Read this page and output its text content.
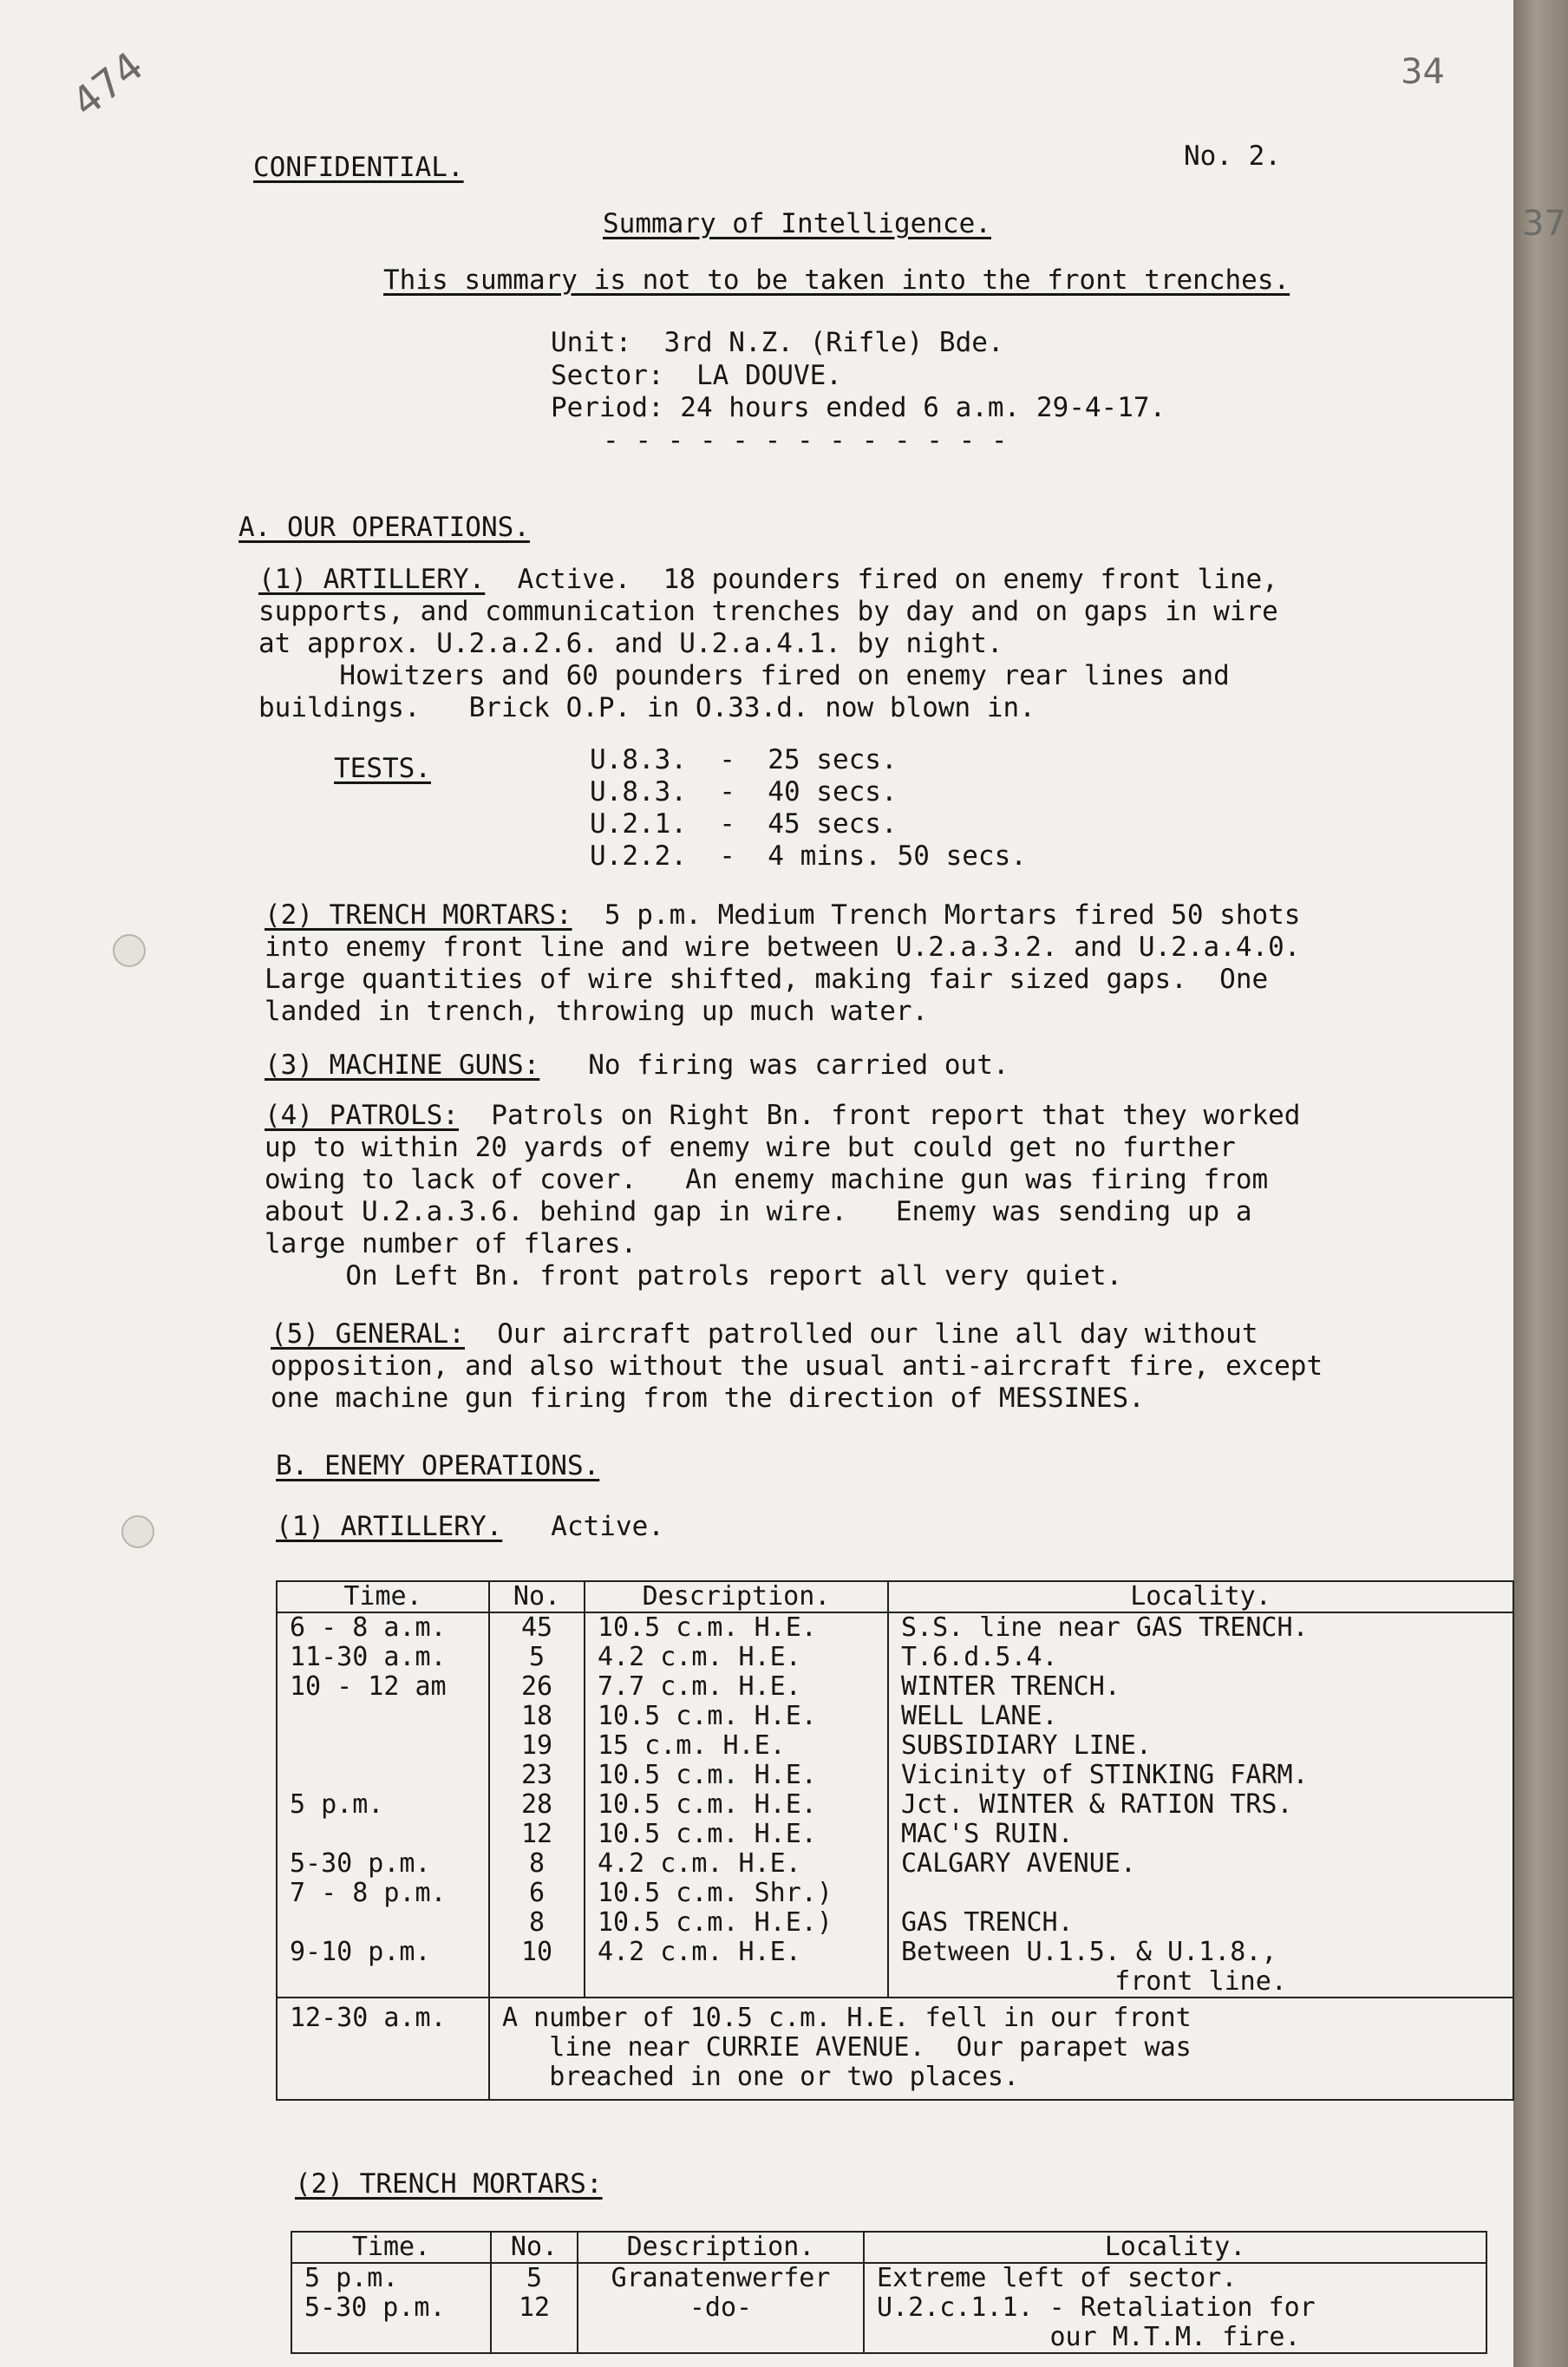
474	34
37
CONFIDENTIAL.	No. 2.
Summary of Intelligence.
This summary is not to be taken into the front trenches.
Unit:  3rd N.Z. (Rifle) Bde.
Sector:  LA DOUVE.
Period: 24 hours ended 6 a.m. 29-4-17.
- - - - - - - - - - - - -
A. OUR OPERATIONS.
(1) ARTILLERY.  Active.  18 pounders fired on enemy front line,
supports, and communication trenches by day and on gaps in wire
at approx. U.2.a.2.6. and U.2.a.4.1. by night.
Howitzers and 60 pounders fired on enemy rear lines and
buildings.   Brick O.P. in O.33.d. now blown in.
TESTS.	U.8.3.  -  25 secs.
U.8.3.  -  40 secs.
U.2.1.  -  45 secs.
U.2.2.  -  4 mins. 50 secs.
(2) TRENCH MORTARS:  5 p.m. Medium Trench Mortars fired 50 shots
into enemy front line and wire between U.2.a.3.2. and U.2.a.4.0.
Large quantities of wire shifted, making fair sized gaps.  One
landed in trench, throwing up much water.
(3) MACHINE GUNS:   No firing was carried out.
(4) PATROLS:  Patrols on Right Bn. front report that they worked
up to within 20 yards of enemy wire but could get no further
owing to lack of cover.   An enemy machine gun was firing from
about U.2.a.3.6. behind gap in wire.   Enemy was sending up a
large number of flares.
On Left Bn. front patrols report all very quiet.
(5) GENERAL:  Our aircraft patrolled our line all day without
opposition, and also without the usual anti-aircraft fire, except
one machine gun firing from the direction of MESSINES.
B. ENEMY OPERATIONS.
(1) ARTILLERY.   Active.
Time.	No.	Description.	Locality.
6 - 8 a.m.	45	10.5 c.m. H.E.	S.S. line near GAS TRENCH.
11-30 a.m.	5	4.2 c.m. H.E.	T.6.d.5.4.
10 - 12 am	26	7.7 c.m. H.E.	WINTER TRENCH.
	18	10.5 c.m. H.E.	WELL LANE.
	19	15 c.m. H.E.	SUBSIDIARY LINE.
	23	10.5 c.m. H.E.	Vicinity of STINKING FARM.
5 p.m.	28	10.5 c.m. H.E.	Jct. WINTER & RATION TRS.
	12	10.5 c.m. H.E.	MAC'S RUIN.
5-30 p.m.	8	4.2 c.m. H.E.	CALGARY AVENUE.
7 - 8 p.m.	6	10.5 c.m. Shr.)	
	8	10.5 c.m. H.E.)	GAS TRENCH.
9-10 p.m.	10	4.2 c.m. H.E.	Between U.1.5. & U.1.8.,
			front line.
12-30 a.m.	A number of 10.5 c.m. H.E. fell in our front
line near CURRIE AVENUE.  Our parapet was
breached in one or two places.		
(2) TRENCH MORTARS:
Time.	No.	Description.	Locality.
5 p.m.	5	Granatenwerfer	Extreme left of sector.
5-30 p.m.	12	-do-	U.2.c.1.1. - Retaliation for
			our M.T.M. fire.
